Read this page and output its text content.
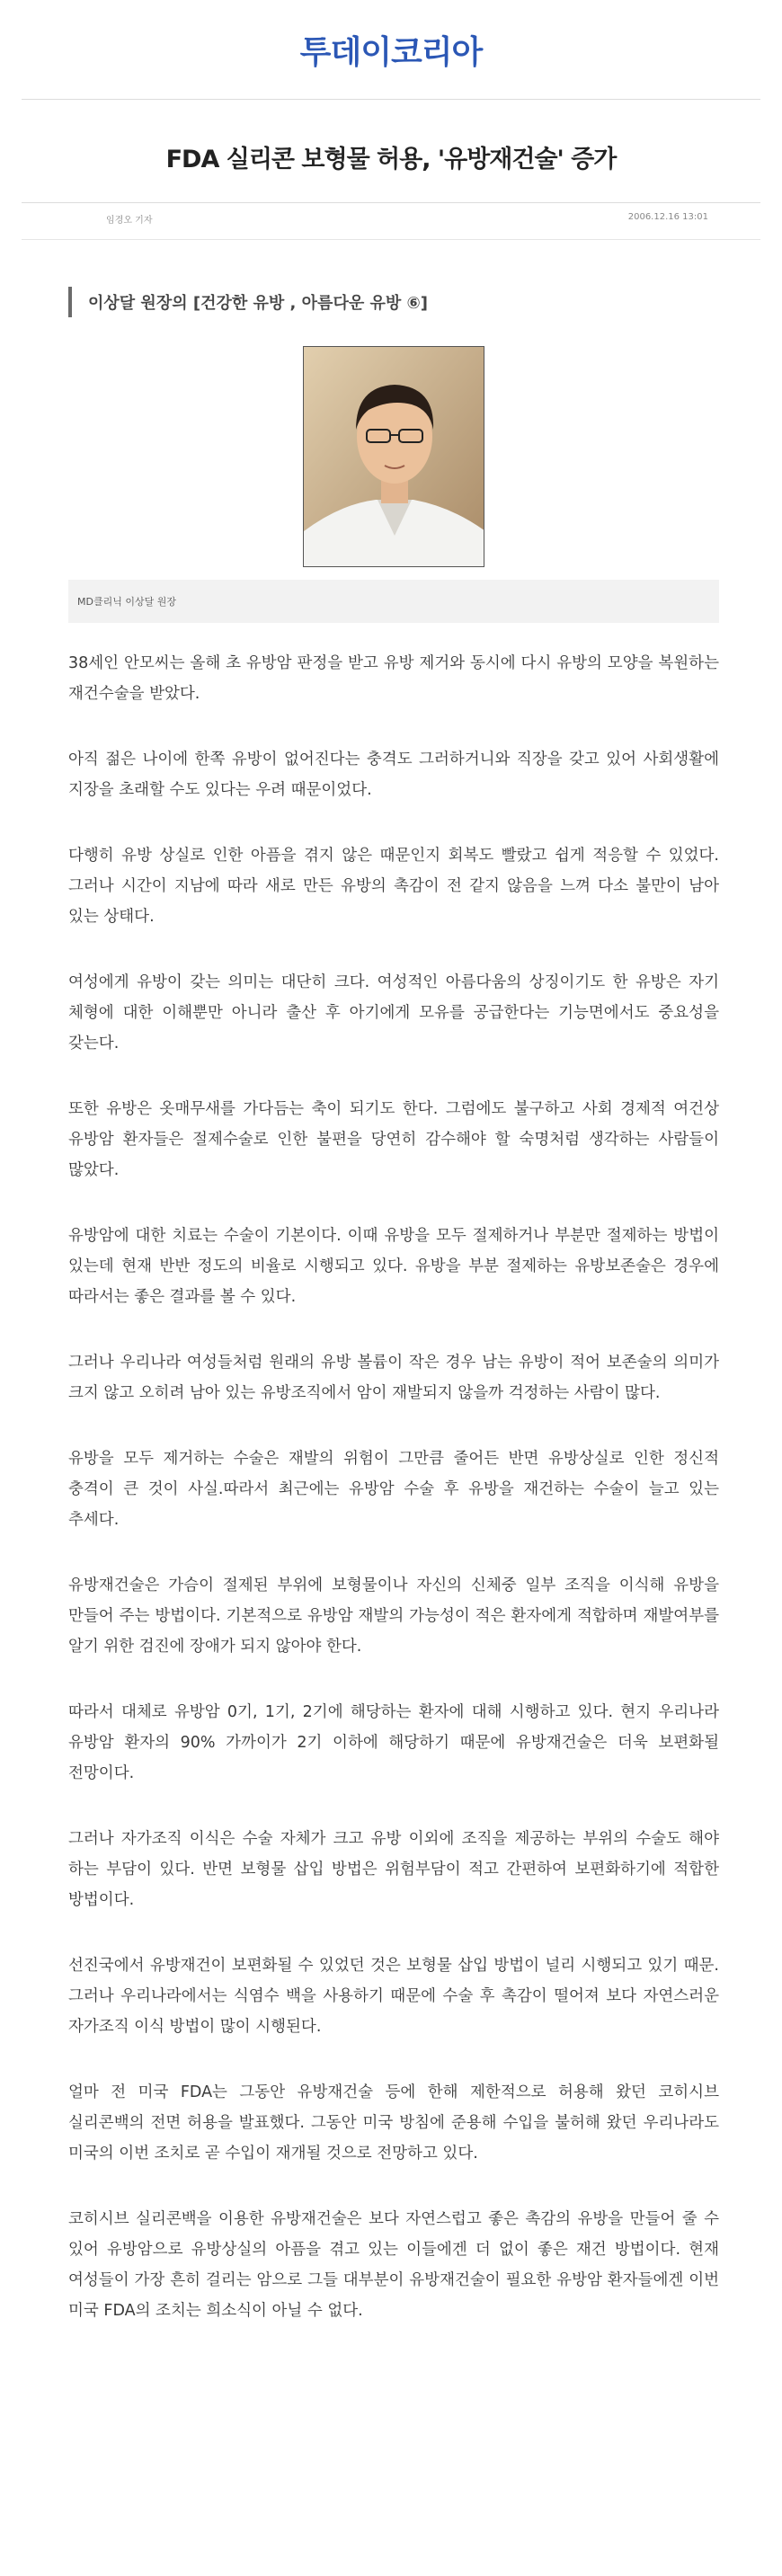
투데이코리아
FDA 실리콘 보형물 허용, '유방재건술' 증가
임경오 기자	2006.12.16 13:01
이상달 원장의 [건강한 유방 , 아름다운 유방 ⑥]
MD클리닉 이상달 원장

38세인 안모씨는 올해 초 유방암 판정을 받고 유방 제거와 동시에 다시 유방의 모양을 복원하는 재건수술을 받았다.

아직 젊은 나이에 한쪽 유방이 없어진다는 충격도 그러하거니와 직장을 갖고 있어 사회생활에 지장을 초래할 수도 있다는 우려 때문이었다.

다행히 유방 상실로 인한 아픔을 겪지 않은 때문인지 회복도 빨랐고 쉽게 적응할 수 있었다. 그러나 시간이 지남에 따라 새로 만든 유방의 촉감이 전 같지 않음을 느껴 다소 불만이 남아 있는 상태다.

여성에게 유방이 갖는 의미는 대단히 크다. 여성적인 아름다움의 상징이기도 한 유방은 자기 체형에 대한 이해뿐만 아니라 출산 후 아기에게 모유를 공급한다는 기능면에서도 중요성을 갖는다.

또한 유방은 옷매무새를 가다듬는 축이 되기도 한다. 그럼에도 불구하고 사회 경제적 여건상 유방암 환자들은 절제수술로 인한 불편을 당연히 감수해야 할 숙명처럼 생각하는 사람들이 많았다.

유방암에 대한 치료는 수술이 기본이다. 이때 유방을 모두 절제하거나 부분만 절제하는 방법이 있는데 현재 반반 정도의 비율로 시행되고 있다. 유방을 부분 절제하는 유방보존술은 경우에 따라서는 좋은 결과를 볼 수 있다.

그러나 우리나라 여성들처럼 원래의 유방 볼륨이 작은 경우 남는 유방이 적어 보존술의 의미가 크지 않고 오히려 남아 있는 유방조직에서 암이 재발되지 않을까 걱정하는 사람이 많다.

유방을 모두 제거하는 수술은 재발의 위험이 그만큼 줄어든 반면 유방상실로 인한 정신적 충격이 큰 것이 사실.따라서 최근에는 유방암 수술 후 유방을 재건하는 수술이 늘고 있는 추세다.

유방재건술은 가슴이 절제된 부위에 보형물이나 자신의 신체중 일부 조직을 이식해 유방을 만들어 주는 방법이다. 기본적으로 유방암 재발의 가능성이 적은 환자에게 적합하며 재발여부를 알기 위한 검진에 장애가 되지 않아야 한다.

따라서 대체로 유방암 0기, 1기, 2기에 해당하는 환자에 대해 시행하고 있다. 현지 우리나라 유방암 환자의 90% 가까이가 2기 이하에 해당하기 때문에 유방재건술은 더욱 보편화될 전망이다.

그러나 자가조직 이식은 수술 자체가 크고 유방 이외에 조직을 제공하는 부위의 수술도 해야 하는 부담이 있다. 반면 보형물 삽입 방법은 위험부담이 적고 간편하여 보편화하기에 적합한 방법이다.

선진국에서 유방재건이 보편화될 수 있었던 것은 보형물 삽입 방법이 널리 시행되고 있기 때문. 그러나 우리나라에서는 식염수 백을 사용하기 때문에 수술 후 촉감이 떨어져 보다 자연스러운 자가조직 이식 방법이 많이 시행된다.

얼마 전 미국 FDA는 그동안 유방재건술 등에 한해 제한적으로 허용해 왔던 코히시브 실리콘백의 전면 허용을 발표했다. 그동안 미국 방침에 준용해 수입을 불허해 왔던 우리나라도 미국의 이번 조치로 곧 수입이 재개될 것으로 전망하고 있다.

코히시브 실리콘백을 이용한 유방재건술은 보다 자연스럽고 좋은 촉감의 유방을 만들어 줄 수 있어 유방암으로 유방상실의 아픔을 겪고 있는 이들에겐 더 없이 좋은 재건 방법이다. 현재 여성들이 가장 흔히 걸리는 암으로 그들 대부분이 유방재건술이 필요한 유방암 환자들에겐 이번 미국 FDA의 조치는 희소식이 아닐 수 없다.
